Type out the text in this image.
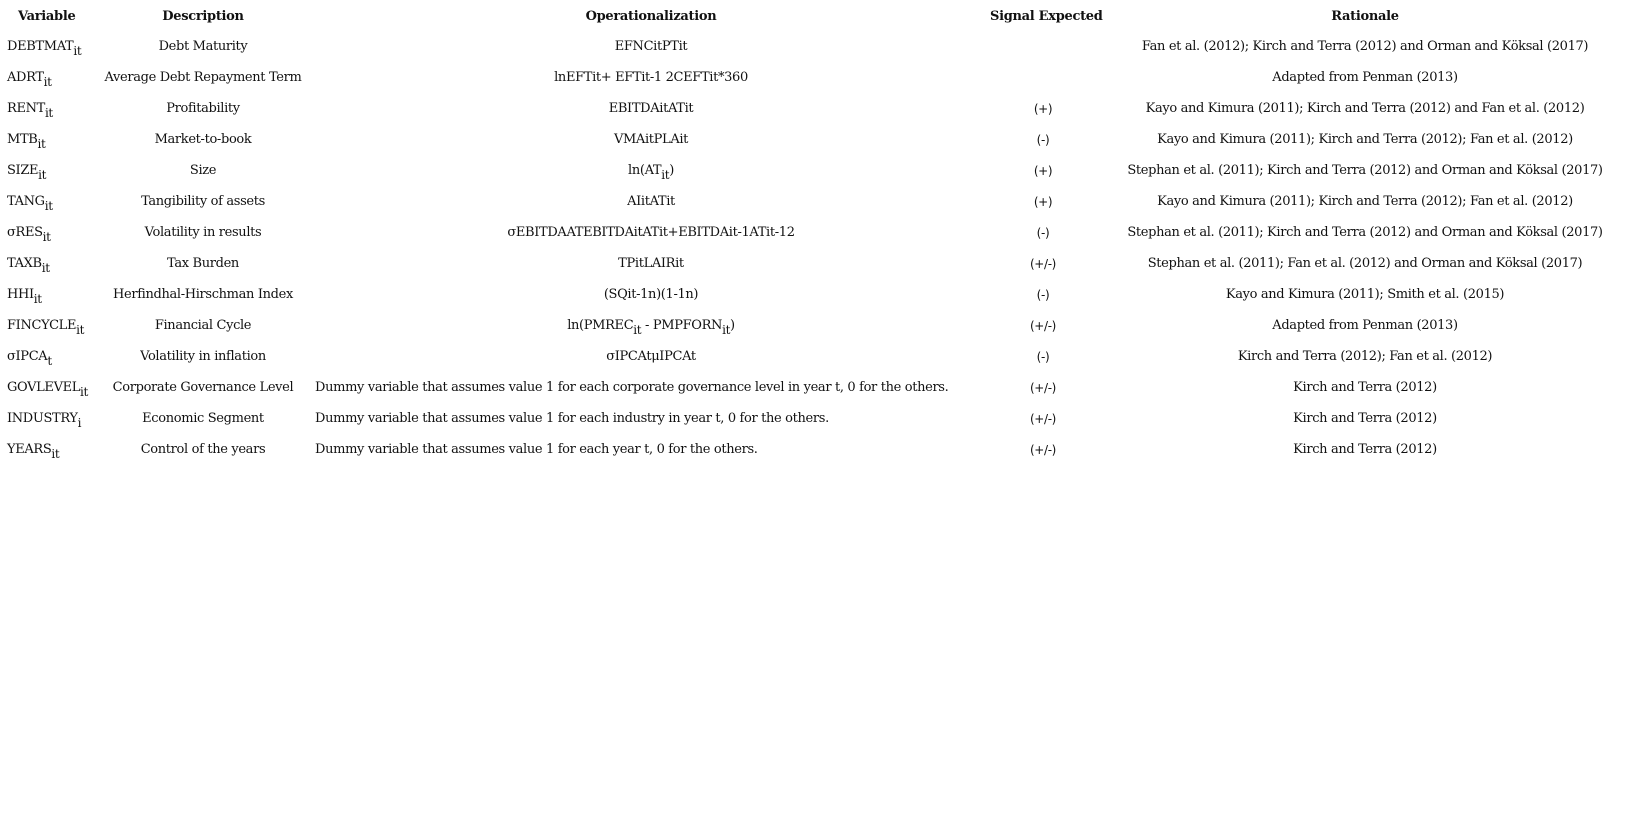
Variable	Description	Operationalization	Signal Expected	Rationale
$DEBTMAT_{it}$	Debt Maturity	EFNCitPTit		Fan et al. (2012); Kirch and Terra (2012) and Orman and Köksal (2017)
$ADRT_{it}$	Average Debt Repayment Term	lnEFTit+ EFTit-1 2CEFTit*360		Adapted from Penman (2013)
$RENT_{it}$	Profitability	EBITDAitATit	(+)	Kayo and Kimura (2011); Kirch and Terra (2012) and Fan et al. (2012)
$MTB_{it}$	Market-to-book	VMAitPLAit	(-)	Kayo and Kimura (2011); Kirch and Terra (2012); Fan et al. (2012)
$SIZE_{it}$	Size	$\ln(AT_{it})$	(+)	Stephan et al. (2011); Kirch and Terra (2012) and Orman and Köksal (2017)
$TANG_{it}$	Tangibility of assets	AIitATit	(+)	Kayo and Kimura (2011); Kirch and Terra (2012); Fan et al. (2012)
σRES$_{it}$	Volatility in results	σEBITDAATEBITDAitATit+EBITDAit-1ATit-12	(-)	Stephan et al. (2011); Kirch and Terra (2012) and Orman and Köksal (2017)
$TAXB_{it}$	Tax Burden	TPitLAIRit	(+/-)	Stephan et al. (2011); Fan et al. (2012) and Orman and Köksal (2017)
$HHI_{it}$	Herfindhal-Hirschman Index	(SQit-1n)(1-1n)	(-)	Kayo and Kimura (2011); Smith et al. (2015)
$FINCYCLE_{it}$	Financial Cycle	$\ln(PMREC_{it}$ - $PMPFORN_{it}$)	(+/-)	Adapted from Penman (2013)
σIPCA$_t$	Volatility in inflation	σIPCAtμIPCAt	(-)	Kirch and Terra (2012); Fan et al. (2012)
$GOVLEVEL_{it}$	Corporate Governance Level	Dummy variable that assumes value 1 for each corporate governance level in year t, 0 for the others.	(+/-)	Kirch and Terra (2012)
$INDUSTRY_i$	Economic Segment	Dummy variable that assumes value 1 for each industry in year t, 0 for the others.	(+/-)	Kirch and Terra (2012)
$YEARS_{it}$	Control of the years	Dummy variable that assumes value 1 for each year t, 0 for the others.	(+/-)	Kirch and Terra (2012)
